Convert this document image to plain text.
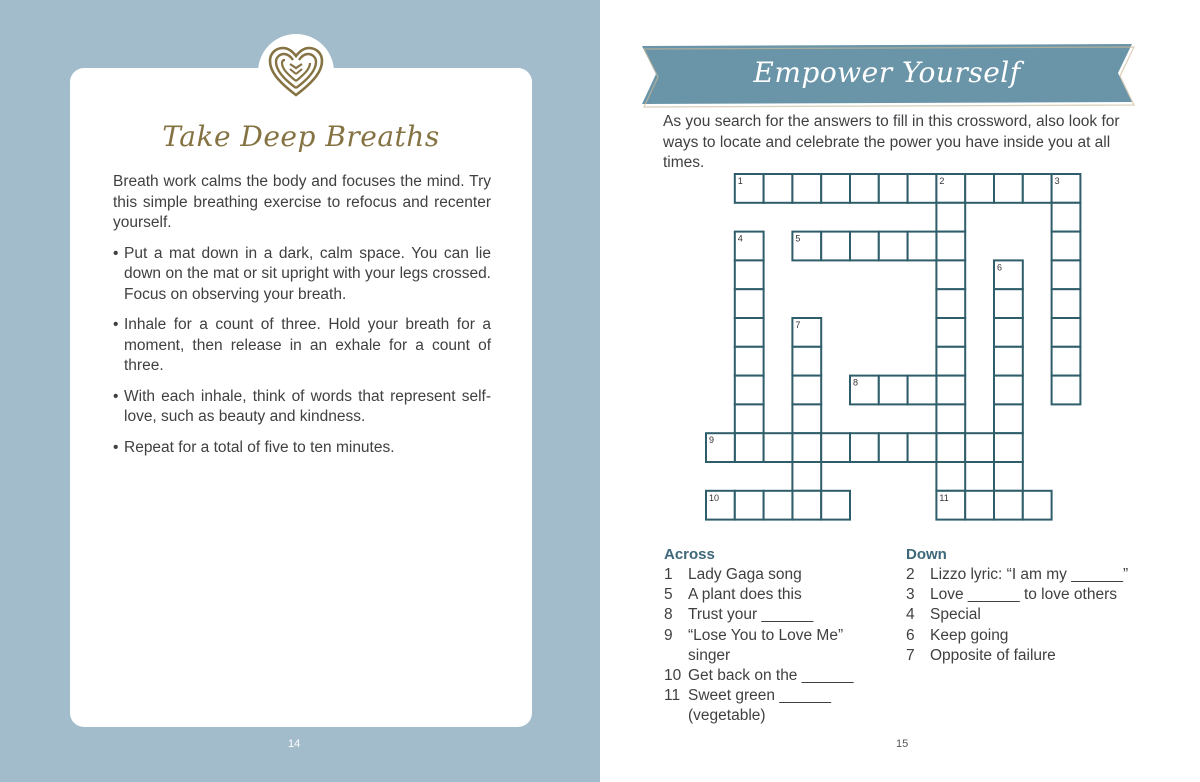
Take Deep Breaths

Breath work calms the body and focuses the mind. Try this simple breathing exercise to refocus and recenter yourself.

• Put a mat down in a dark, calm space. You can lie down on the mat or sit upright with your legs crossed. Focus on observing your breath.
• Inhale for a count of three. Hold your breath for a moment, then release in an exhale for a count of three.
• With each inhale, think of words that represent self-love, such as beauty and kindness.
• Repeat for a total of five to ten minutes.
14
Empower Yourself

As you search for the answers to fill in this crossword, also look for ways to locate and celebrate the power you have inside you at all times.

Across
1 Lady Gaga song
5 A plant does this
8 Trust your ______
9 “Lose You to Love Me” singer
10 Get back on the ______
11 Sweet green ______ (vegetable)
Down
2 Lizzo lyric: “I am my ______”
3 Love ______ to love others
4 Special
6 Keep going
7 Opposite of failure
15
1	2	3
4	5
6
7
8
9
10	11
